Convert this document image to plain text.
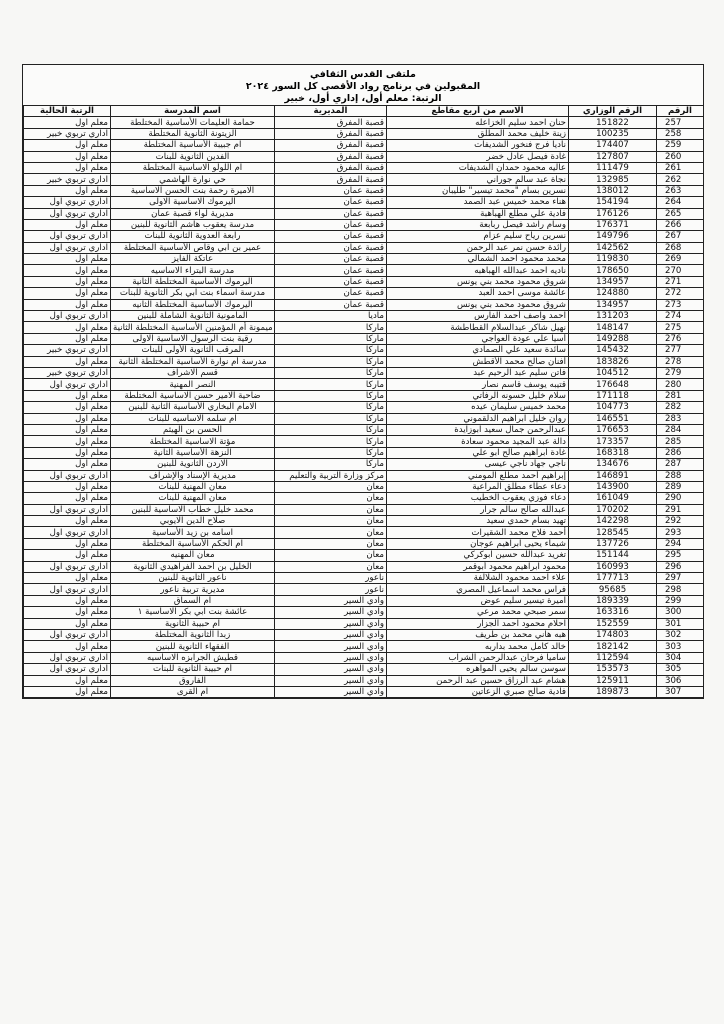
ملتقى القدس الثقافي
المقبولين في برنامج رواد الأقصى كل السور ٢٠٢٤
الرتبة: معلم أول، إداري أول، خبير
الرتبة الحالية	اسم المدرسة	المديرية	الاسم من أربع مقاطع	الرقم الوزاري	الرقم
معلم اول	حمامة العليمات الأساسية المختلطة	قصبة المفرق	حنان احمد سليم الخزاعله	151822	257
اداري تربوي خبير	الزيتونة الثانوية المختلطة	قصبة المفرق	زينة خليف محمد المطلق	100235	258
معلم اول	ام جبيبة الأساسية المختلطة	قصبة المفرق	ناديا فرج فنخور الشديفات	174407	259
معلم اول	الفدين الثانوية للبنات	قصبة المفرق	غادة فيصل عادل خضر	127807	260
معلم اول	ام اللولو الاساسية المختلطة	قصبة المفرق	عاليه محمود حمدان الشديفات	111479	261
اداري تربوي خبير	حي نوارة الهاشمي	قصبة المفرق	نجاة عبد سالم جوراني	132985	262
معلم اول	الاميرة رحمة بنت الحسن الاساسية	قصبة عمان	نسرين بسام "محمد تيسير" طليبان	138012	263
اداري تربوي اول	اليرموك الاساسية الاولى	قصبة عمان	هناء محمد خميس عبد الصمد	154194	264
اداري تربوي اول	مديرية لواء قصبة عمان	قصبة عمان	فادية علي مطلع الهباهبة	176126	265
معلم اول	مدرسة يعقوب هاشم الثانوية للبنين	قصبة عمان	وسام راشد فيصل ربابعة	176371	266
اداري تربوي اول	رابعة العدوية الثانوية للبنات	قصبة عمان	نسرين رياح سليم عزام	149796	267
اداري تربوي اول	عمير بن ابي وقاص الأساسية المختلطة	قصبة عمان	رائدة حسن نمر عبد الرحمن	142562	268
معلم اول	عاتكة الفايز	قصبة عمان	محمد محمود احمد الشمالي	119830	269
معلم اول	مدرسة البتراء الاساسيه	قصبة عمان	ناديه احمد عبدالله الهباهبه	178650	270
معلم اول	اليرموك الأساسية المختلطة الثانية	قصبة عمان	شروق محمود محمد بني يونس	134957	271
معلم اول	مدرسة اسماء بنت ابي بكر الثانوية للبنات	قصبة عمان	عائشة موسى احمد العبد	124880	272
معلم اول	اليرموك الأساسية المختلطة الثانيه	قصبة عمان	شروق محمود محمد بني يونس	134957	273
اداري تربوي اول	المأمونية الثانوية الشاملة للبنين	ماديا	احمد واصف أحمد الفارس	131203	274
معلم اول	ميمونة أم المؤمنين الأساسية المختلطة الثانية	ماركا	نهيل شاكر عبدالسلام القطاطشة	148147	275
معلم اول	رقية بنت الرسول الاساسية الاولى	ماركا	أسيا علي عودة العواجي	149288	276
اداري تربوي خبير	المرقب الثانوية الأولى للبنات	ماركا	سائدة سعيد علي الصمادي	145432	277
معلم اول	مدرسة أم نوارة الأساسية المختلطة الثانية	ماركا	أفنان صالح محمد الأقطش	183826	278
اداري تربوي خبير	قسم الاشراف	ماركا	فاتن سليم عبد الرحيم عبد	104512	279
اداري تربوي اول	النصر المهنية	ماركا	قتيبه يوسف قاسم نصار	176648	280
معلم اول	ضاحية الامير حسن الاساسية المختلطة	ماركا	سلام خليل حسونه الرفاتي	171118	281
معلم اول	الامام البخاري الأساسية الثانية للبنين	ماركا	محمد خميس سليمان عيده	104773	282
معلم اول	ام سلمه الاساسيه للبنات	ماركا	روان خليل ابراهيم الدلقموني	146551	283
معلم اول	الحسن بن الهيثم	ماركا	عبدالرحمن جمال سعيد ابوزايدة	176653	284
معلم اول	مؤتة الاساسية المختلطة	ماركا	دالة عبد المجيد محمود سعادة	173357	285
معلم اول	النزهة الأساسية الثانية	ماركا	غادة ابراهيم صالح ابو علي	168318	286
معلم اول	الاردن الثانوية للبنين	ماركا	ناجي جهاد ناجي عيسى	134676	287
اداري تربوي اول	مديرية الإسناد والإشراف	مركز وزارة التربية والتعليم	إبراهيم أحمد مطلع المومني	146891	288
معلم اول	معان المهنية للبنات	معان	دعاء عطاء مطلق المراعية	143900	289
معلم اول	معان المهنية للبنات	معان	دعاء فوزي يعقوب الخطيب	161049	290
اداري تربوي اول	محمد خليل خطاب الاساسية للبنين	معان	عبدالله صالح سالم جرار	170202	291
معلم اول	صلاح الدين الايوبي	معان	تهيد بسام حمدي سعيد	142298	292
اداري تربوي اول	اسامه بن زيد الأساسية	معان	أحمد فلاح محمد الشقيرات	128545	293
معلم اول	ام الحكم الأساسية المختلطة	معان	شيماء يحيى ابراهيم عوجان	137726	294
معلم اول	معان المهنيه	معان	تغريد عبدالله حسين ابوكركي	151144	295
اداري تربوي اول	الخليل بن أحمد الفراهيدي الثانوية	معان	محمود ابراهيم محمود أبوقمر	160993	296
معلم اول	ناعور الثانوية للبنين	ناعور	علاء احمد محمود الشلالفة	177713	297
اداري تربوي اول	مديرية تربية ناعور	ناعور	فراس محمد اسماعيل المصري	95685	298
معلم اول	ام السماق	وادي السير	اميرة تيسير سليم عوض	189339	299
معلم اول	عائشة بنت ابي بكر الاساسية ١	وادي السير	سمر صبحي محمد مرعي	163316	300
معلم اول	ام حبيبة الثانوية	وادي السير	احلام محمود احمد الجزار	152559	301
اداري تربوي اول	زبدا الثانوية المختلطة	وادي السير	هبه هاني محمد بن طريف	174803	302
معلم اول	الفقهاء الثانوية للبنين	وادي السير	خالد كامل محمد بداربه	182142	303
اداري تربوي اول	قطيش الجرابزه الاساسيه	وادي السير	ساميا فرحان عبدالرحمن الشراب	112594	304
اداري تربوي اول	أم حبيبة الثانوية للبنات	وادي السير	سوسن سالم يحيى المواهره	153573	305
معلم اول	الفاروق	وادي السير	هشام عبد الرزاق حسين عبد الرحمن	125911	306
معلم اول	ام القرى	وادي السير	فادية صالح صبري الزعاتين	189873	307
